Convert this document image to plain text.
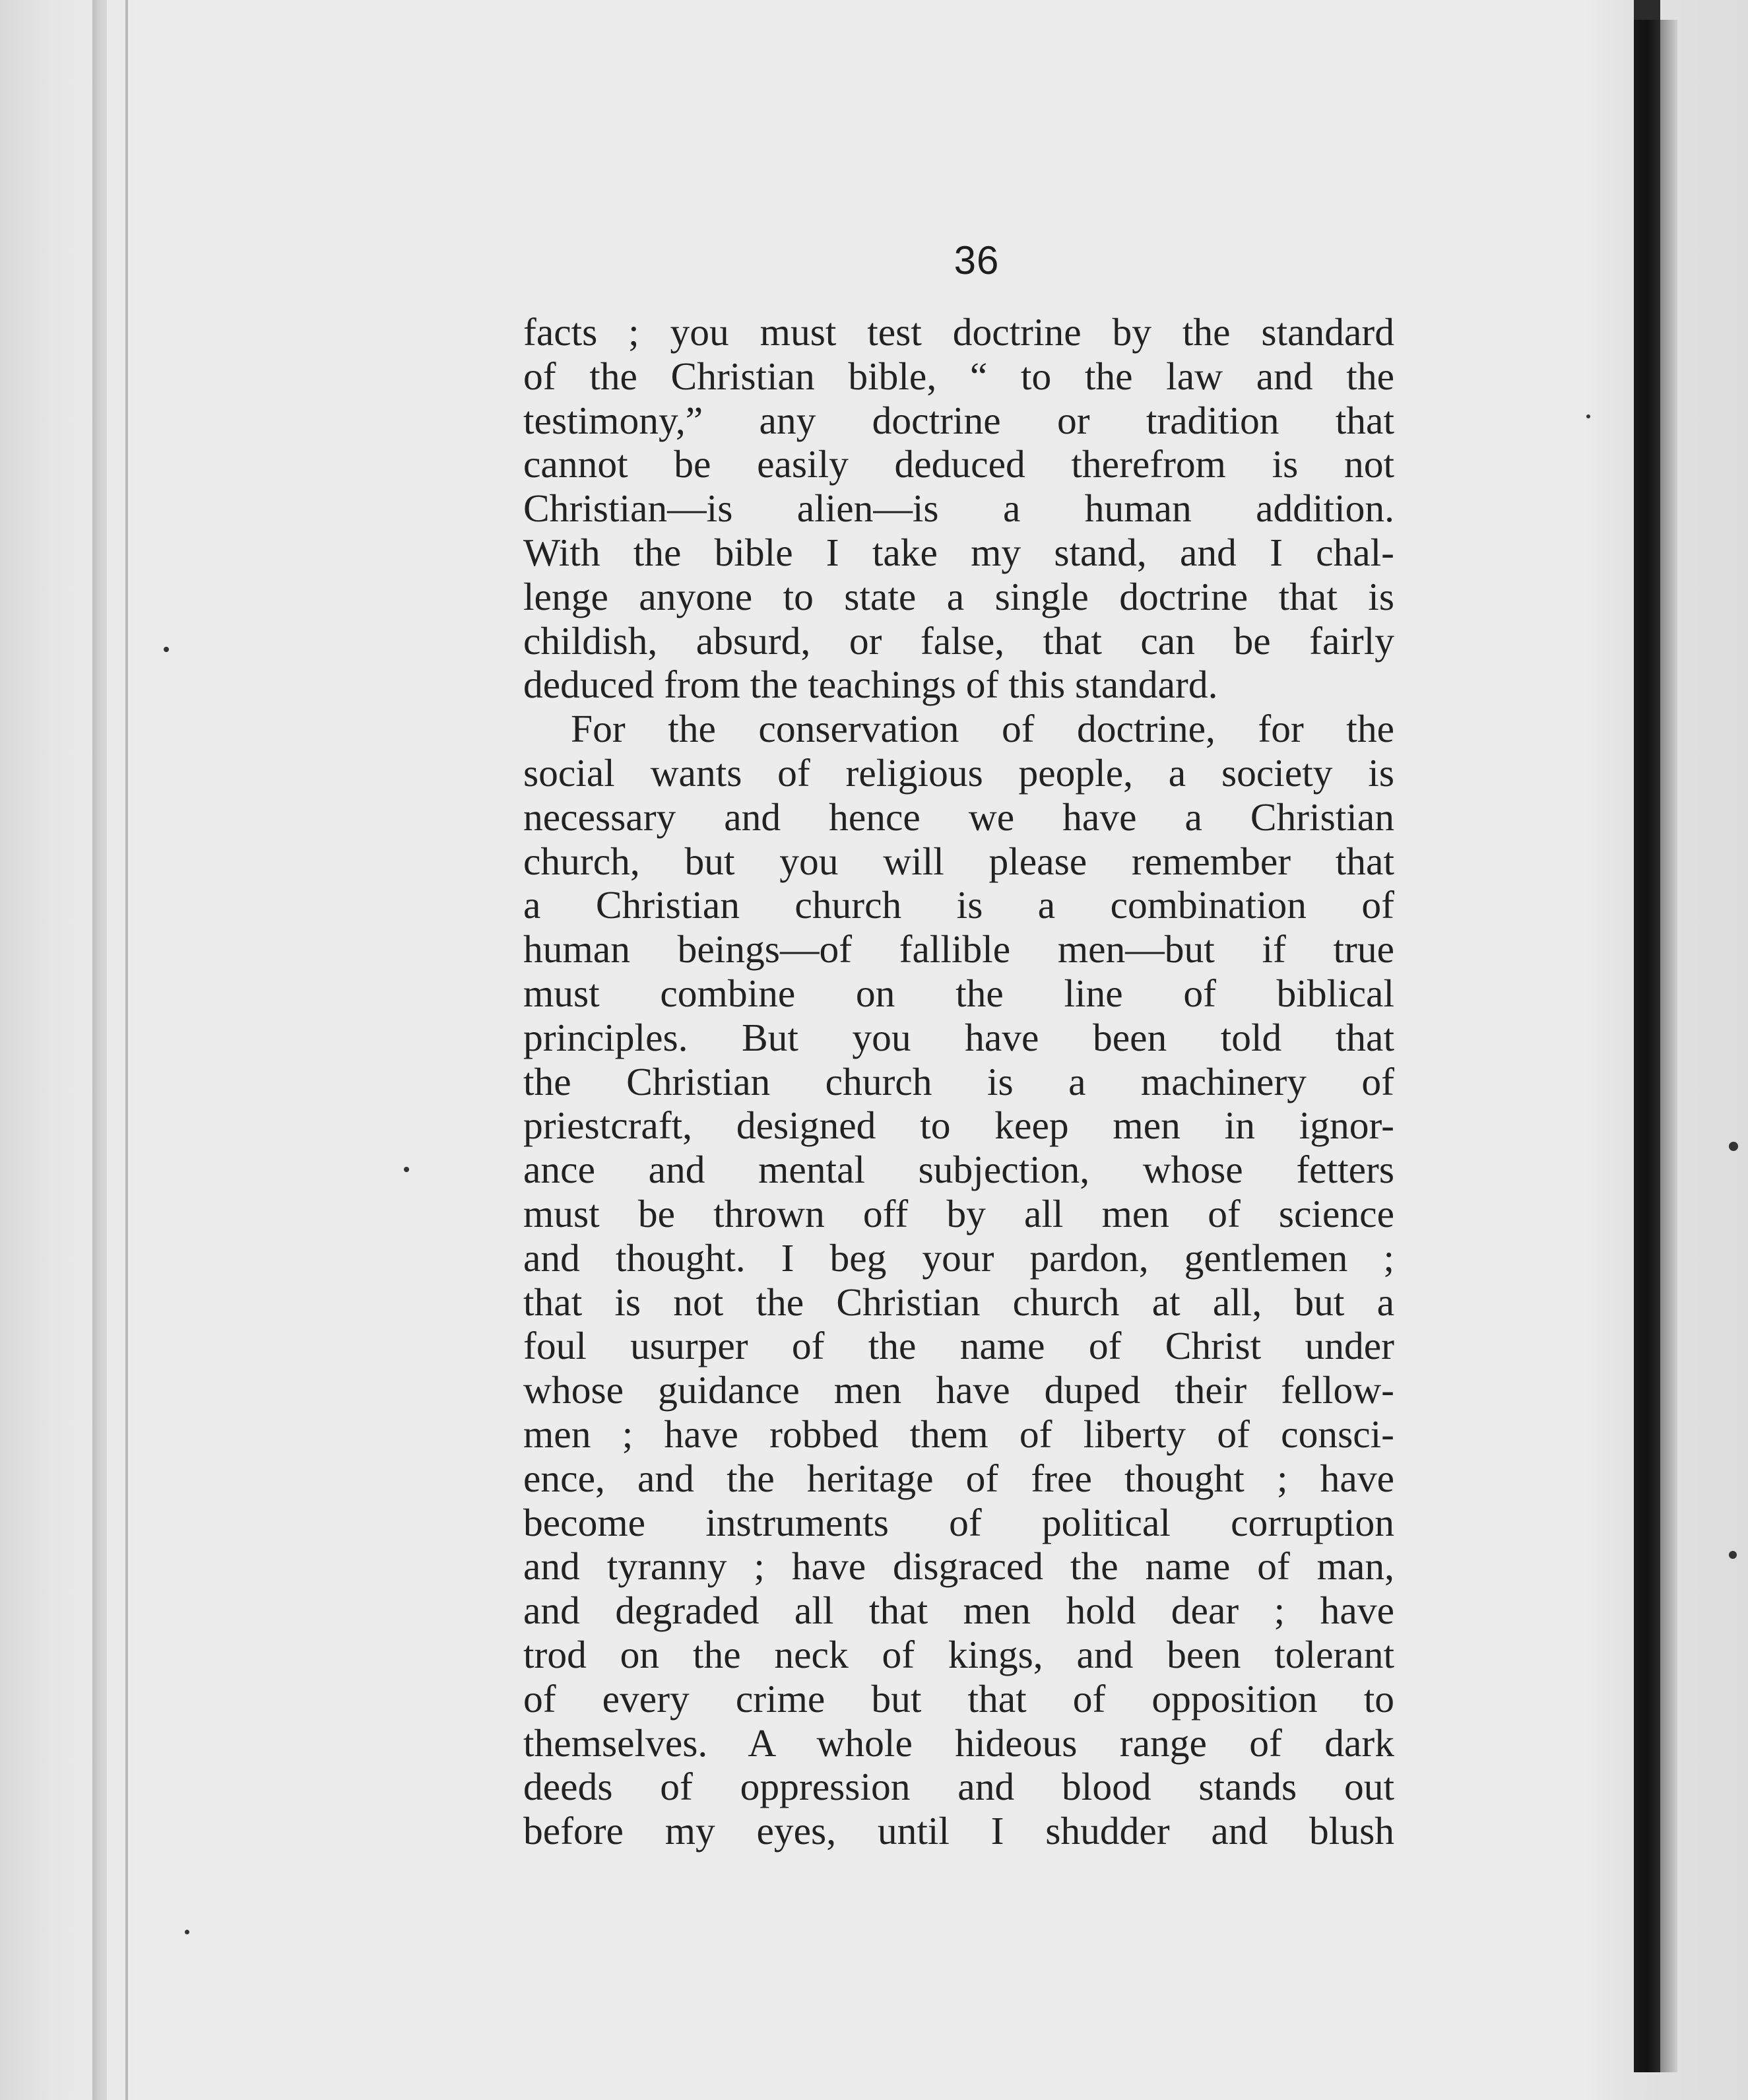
36
facts ; you must test doctrine by the standard
of the Christian bible, “ to the law and the
testimony,” any doctrine or tradition that
cannot be easily deduced therefrom is not
Christian—is alien—is a human addition.
With the bible I take my stand, and I chal-
lenge anyone to state a single doctrine that is
childish, absurd, or false, that can be fairly
deduced from the teachings of this standard.
For the conservation of doctrine, for the
social wants of religious people, a society is
necessary and hence we have a Christian
church, but you will please remember that
a Christian church is a combination of
human beings—of fallible men—but if true
must combine on the line of biblical
principles. But you have been told that
the Christian church is a machinery of
priestcraft, designed to keep men in ignor-
ance and mental subjection, whose fetters
must be thrown off by all men of science
and thought. I beg your pardon, gentlemen ;
that is not the Christian church at all, but a
foul usurper of the name of Christ under
whose guidance men have duped their fellow-
men ; have robbed them of liberty of consci-
ence, and the heritage of free thought ; have
become instruments of political corruption
and tyranny ; have disgraced the name of man,
and degraded all that men hold dear ; have
trod on the neck of kings, and been tolerant
of every crime but that of opposition to
themselves. A whole hideous range of dark
deeds of oppression and blood stands out
before my eyes, until I shudder and blush
